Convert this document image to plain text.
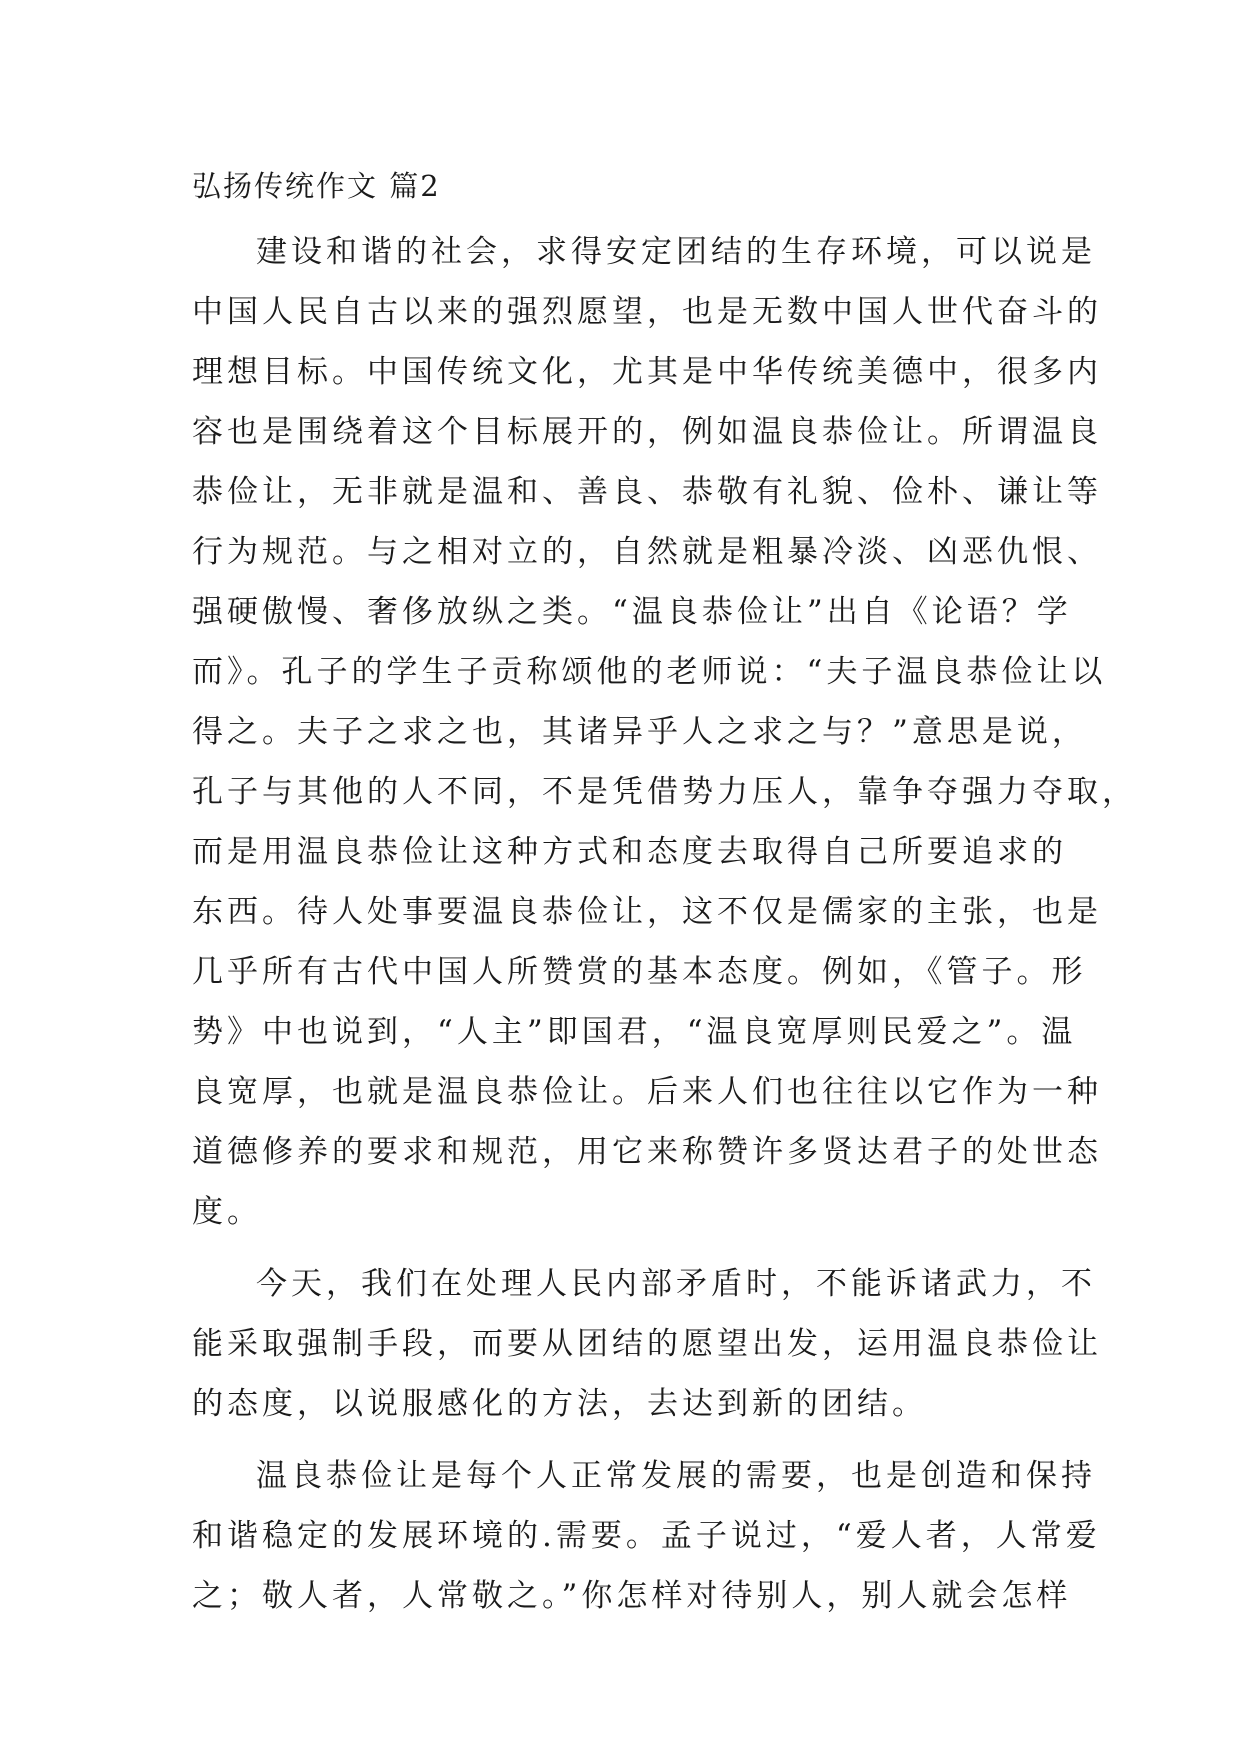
弘扬传统作文 篇2

建设和谐的社会，求得安定团结的生存环境，可以说是
中国人民自古以来的强烈愿望，也是无数中国人世代奋斗的
理想目标。中国传统文化，尤其是中华传统美德中，很多内
容也是围绕着这个目标展开的，例如温良恭俭让。所谓温良
恭俭让，无非就是温和、善良、恭敬有礼貌、俭朴、谦让等
行为规范。与之相对立的，自然就是粗暴冷淡、凶恶仇恨、
强硬傲慢、奢侈放纵之类。“温良恭俭让”出自《论语？学
而》。孔子的学生子贡称颂他的老师说：“夫子温良恭俭让以
得之。夫子之求之也，其诸异乎人之求之与？”意思是说，
孔子与其他的人不同，不是凭借势力压人，靠争夺强力夺取，
而是用温良恭俭让这种方式和态度去取得自己所要追求的
东西。待人处事要温良恭俭让，这不仅是儒家的主张，也是
几乎所有古代中国人所赞赏的基本态度。例如，《管子。形
势》中也说到，“人主”即国君，“温良宽厚则民爱之”。温
良宽厚，也就是温良恭俭让。后来人们也往往以它作为一种
道德修养的要求和规范，用它来称赞许多贤达君子的处世态
度。

今天，我们在处理人民内部矛盾时，不能诉诸武力，不
能采取强制手段，而要从团结的愿望出发，运用温良恭俭让
的态度，以说服感化的方法，去达到新的团结。

温良恭俭让是每个人正常发展的需要，也是创造和保持
和谐稳定的发展环境的.需要。孟子说过，“爱人者，人常爱
之；敬人者，人常敬之。”你怎样对待别人，别人就会怎样
